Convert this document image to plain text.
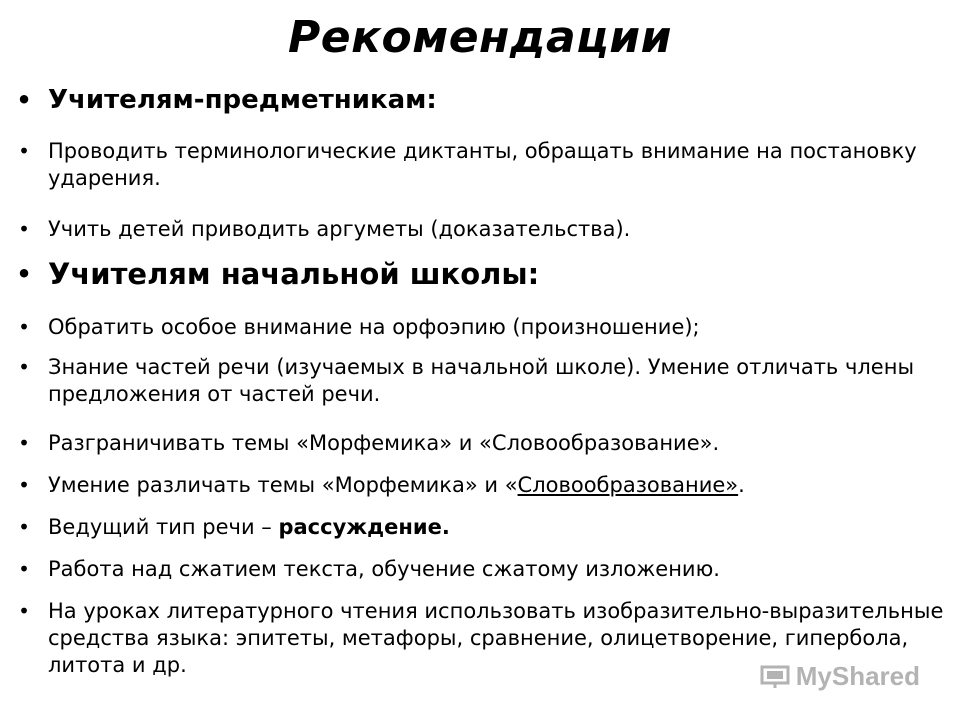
Рекомендации
• Учителям-предметникам:
• Проводить терминологические диктанты, обращать внимание на постановку ударения.
• Учить детей приводить аргуметы (доказательства).
• Учителям начальной школы:
• Обратить особое внимание на орфоэпию (произношение);
• Знание частей речи (изучаемых в начальной школе). Умение отличать члены предложения от частей речи.
• Разграничивать темы «Морфемика» и «Словообразование».
• Умение различать темы «Морфемика» и «Словообразование».
• Ведущий тип речи – рассуждение.
• Работа над сжатием текста, обучение сжатому изложению.
• На уроках литературного чтения использовать изобразительно-выразительные средства языка: эпитеты, метафоры, сравнение, олицетворение, гипербола, литота и др.	MyShared
